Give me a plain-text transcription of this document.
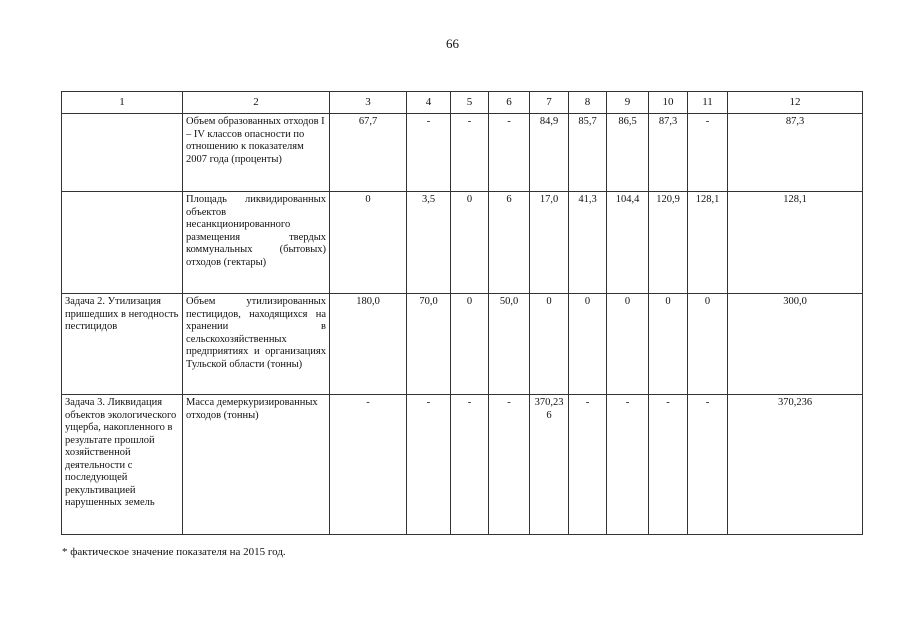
66
1	2	3	4	5	6	7	8	9	10	11	12
	Объем образованных отходов I – IV классов опасности по отношению к показателям 2007 года (проценты)	67,7	-	-	-	84,9	85,7	86,5	87,3	-	87,3
	Площадь ликвидированных объектов несанкционированного размещения твердых коммунальных (бытовых) отходов (гектары)	0	3,5	0	6	17,0	41,3	104,4	120,9	128,1	128,1
Задача 2. Утилизация пришедших в негодность пестицидов	Объем утилизированных пестицидов, находящихся на хранении в сельскохозяйственных предприятиях и организациях Тульской области (тонны)	180,0	70,0	0	50,0	0	0	0	0	0	300,0
Задача 3. Ликвидация объектов экологического ущерба, накопленного в результате прошлой хозяйственной деятельности с последующей рекультивацией нарушенных земель	Масса демеркуризированных отходов (тонны)	-	-	-	-	370,236	-	-	-	-	370,236
* фактическое значение показателя на 2015 год.
